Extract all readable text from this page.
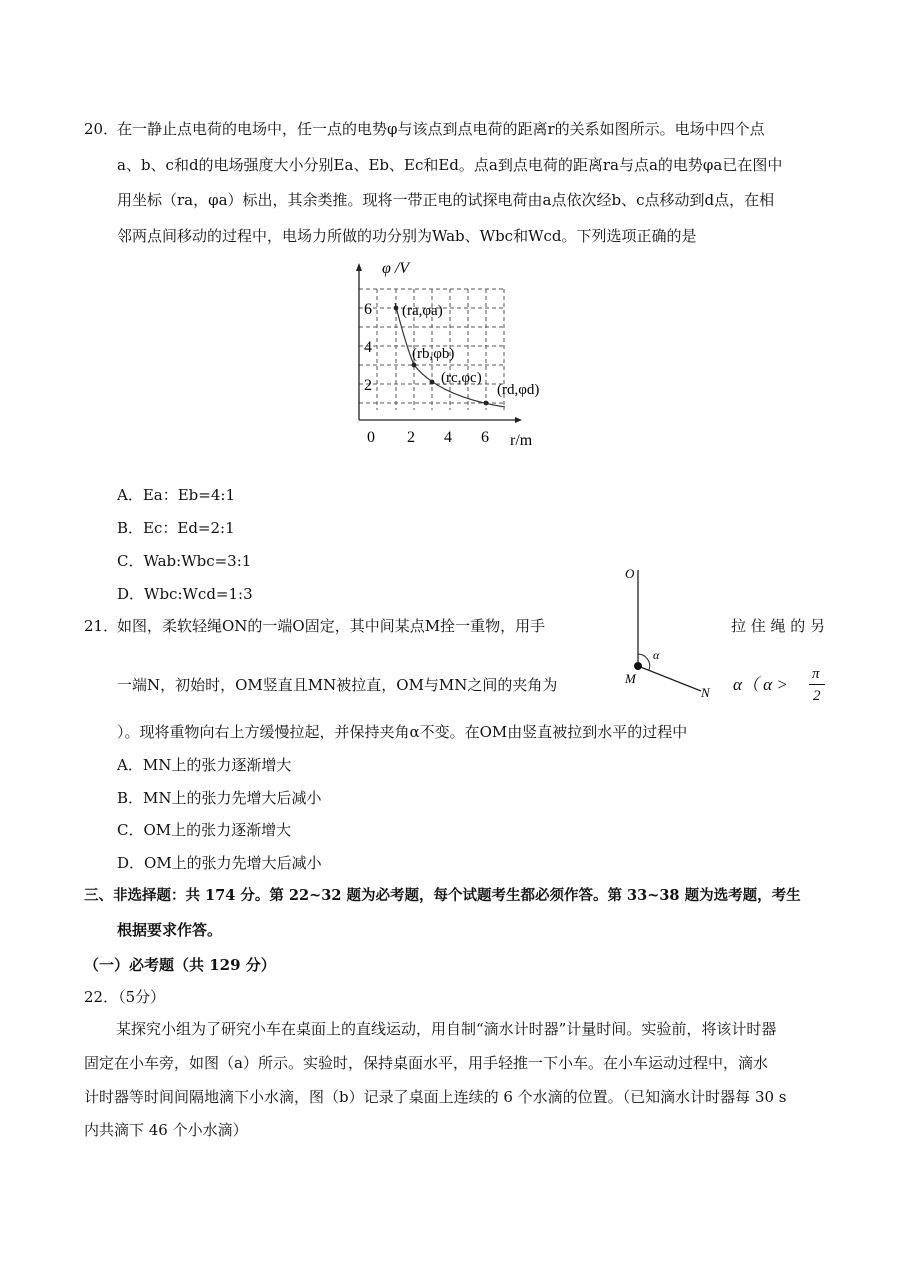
20．
在一静止点电荷的电场中，任一点的电势φ与该点到点电荷的距离r的关系如图所示。电场中四个点
a、b、c和d的电场强度大小分别Ea、Eb、Ec和Ed。点a到点电荷的距离ra与点a的电势φa已在图中
用坐标（ra，φa）标出，其余类推。现将一带正电的试探电荷由a点依次经b、c点移动到d点，在相
邻两点间移动的过程中，电场力所做的功分别为Wab、Wbc和Wcd。下列选项正确的是
φ /V
r/m
0 2 4 6
6
4
2
(ra,φa)
(rb,φb)
(rc,φc)
(rd,φd)
A．Ea：Eb=4:1
B．Ec：Ed=2:1
C．Wab:Wbc=3:1
D．Wbc:Wcd=1:3
21．
如图，柔软轻绳ON的一端O固定，其中间某点M拴一重物，用手	拉 住 绳 的 另
O
α
M
N
一端N，初始时，OM竖直且MN被拉直，OM与MN之间的夹角为	α（ α >
π
2
）。现将重物向右上方缓慢拉起，并保持夹角α不变。在OM由竖直被拉到水平的过程中
A．MN上的张力逐渐增大
B．MN上的张力先增大后减小
C．OM上的张力逐渐增大
D．OM上的张力先增大后减小
三、非选择题：共 174 分。第 22~32 题为必考题，每个试题考生都必须作答。第 33~38 题为选考题，考生
根据要求作答。
（一）必考题（共 129 分）
22．（5分）
某探究小组为了研究小车在桌面上的直线运动，用自制“滴水计时器”计量时间。实验前，将该计时器
固定在小车旁，如图（a）所示。实验时，保持桌面水平，用手轻推一下小车。在小车运动过程中，滴水
计时器等时间间隔地滴下小水滴，图（b）记录了桌面上连续的 6 个水滴的位置。（已知滴水计时器每 30 s
内共滴下 46 个小水滴）
